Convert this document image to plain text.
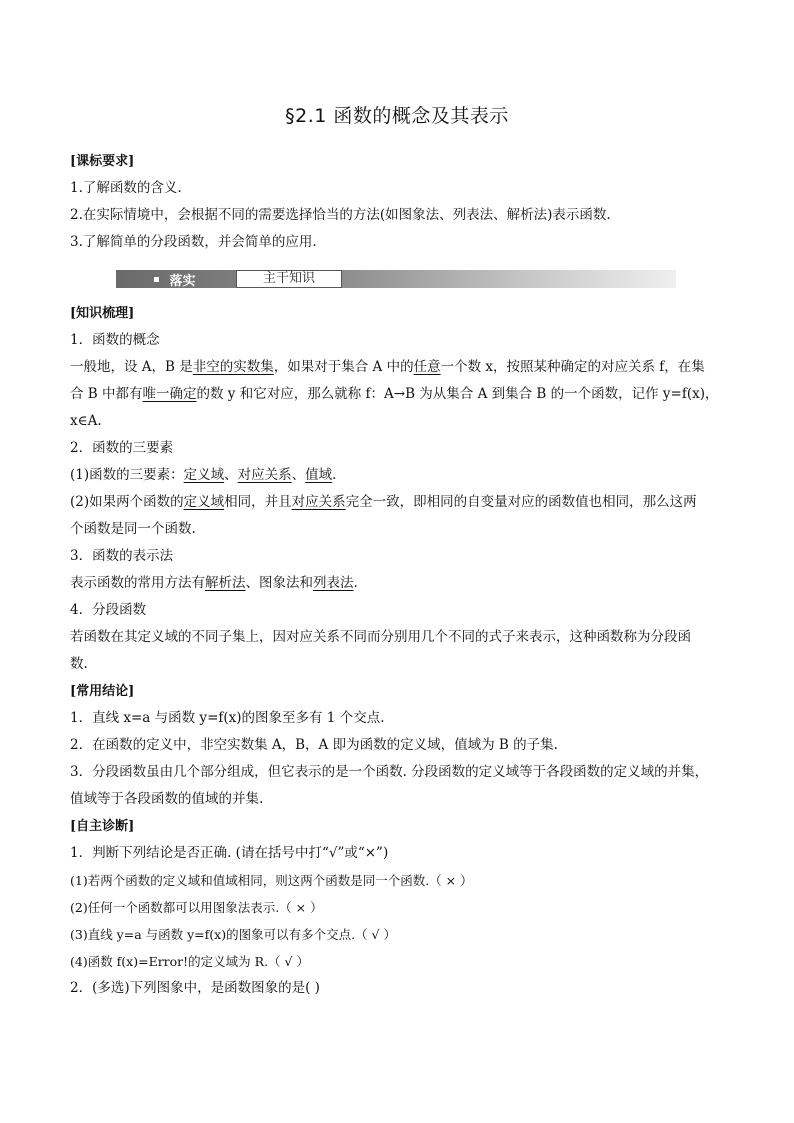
§2.1 函数的概念及其表示
[课标要求]
1.了解函数的含义.
2.在实际情境中，会根据不同的需要选择恰当的方法(如图象法、列表法、解析法)表示函数.
3.了解简单的分段函数，并会简单的应用.
落实	主干知识
[知识梳理]
1．函数的概念
一般地，设 A，B 是非空的实数集，如果对于集合 A 中的任意一个数 x，按照某种确定的对应关系 f，在集
合 B 中都有唯一确定的数 y 和它对应，那么就称 f：A→B 为从集合 A 到集合 B 的一个函数，记作 y=f(x)，
x∈A.
2．函数的三要素
(1)函数的三要素：定义域、对应关系、值域.
(2)如果两个函数的定义域相同，并且对应关系完全一致，即相同的自变量对应的函数值也相同，那么这两
个函数是同一个函数.
3．函数的表示法
表示函数的常用方法有解析法、图象法和列表法.
4．分段函数
若函数在其定义域的不同子集上，因对应关系不同而分别用几个不同的式子来表示，这种函数称为分段函
数.
[常用结论]
1．直线 x=a 与函数 y=f(x)的图象至多有 1 个交点.
2．在函数的定义中，非空实数集 A，B，A 即为函数的定义域，值域为 B 的子集.
3．分段函数虽由几个部分组成，但它表示的是一个函数. 分段函数的定义域等于各段函数的定义域的并集，
值域等于各段函数的值域的并集.
[自主诊断]
1．判断下列结论是否正确. (请在括号中打“√”或“×”)
(1)若两个函数的定义域和值域相同，则这两个函数是同一个函数.（ × ）
(2)任何一个函数都可以用图象法表示.（ × ）
(3)直线 y=a 与函数 y=f(x)的图象可以有多个交点.（ √ ）
(4)函数 f(x)=Error!的定义域为 R.（ √ ）
2．(多选)下列图象中，是函数图象的是( )
